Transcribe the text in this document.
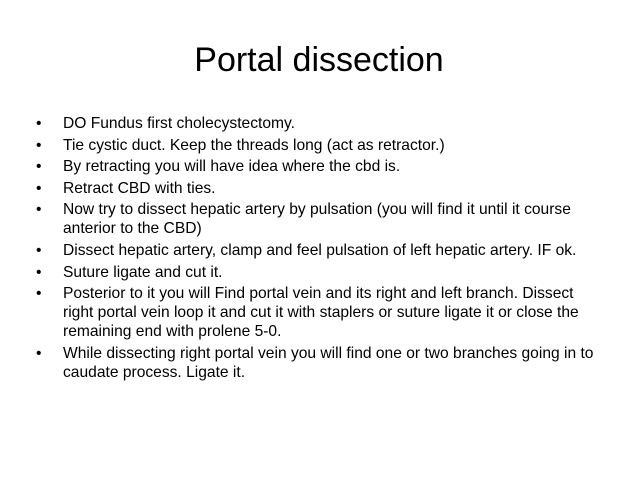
Portal dissection
•	DO Fundus first cholecystectomy.
•	Tie cystic duct. Keep the threads long (act as retractor.)
•	By retracting you will have idea where the cbd is.
•	Retract CBD with ties.
•	Now try to dissect hepatic artery by pulsation (you will find it until it course anterior to the CBD)
•	Dissect hepatic artery, clamp and feel pulsation of left hepatic artery. IF ok.
•	Suture ligate and cut it.
•	Posterior to it you will Find portal vein and its right and left branch. Dissect right portal vein loop it and cut it with staplers or suture ligate it or close the remaining end with prolene 5-0.
•	While dissecting right portal vein you will find one or two branches going in to caudate process. Ligate it.
